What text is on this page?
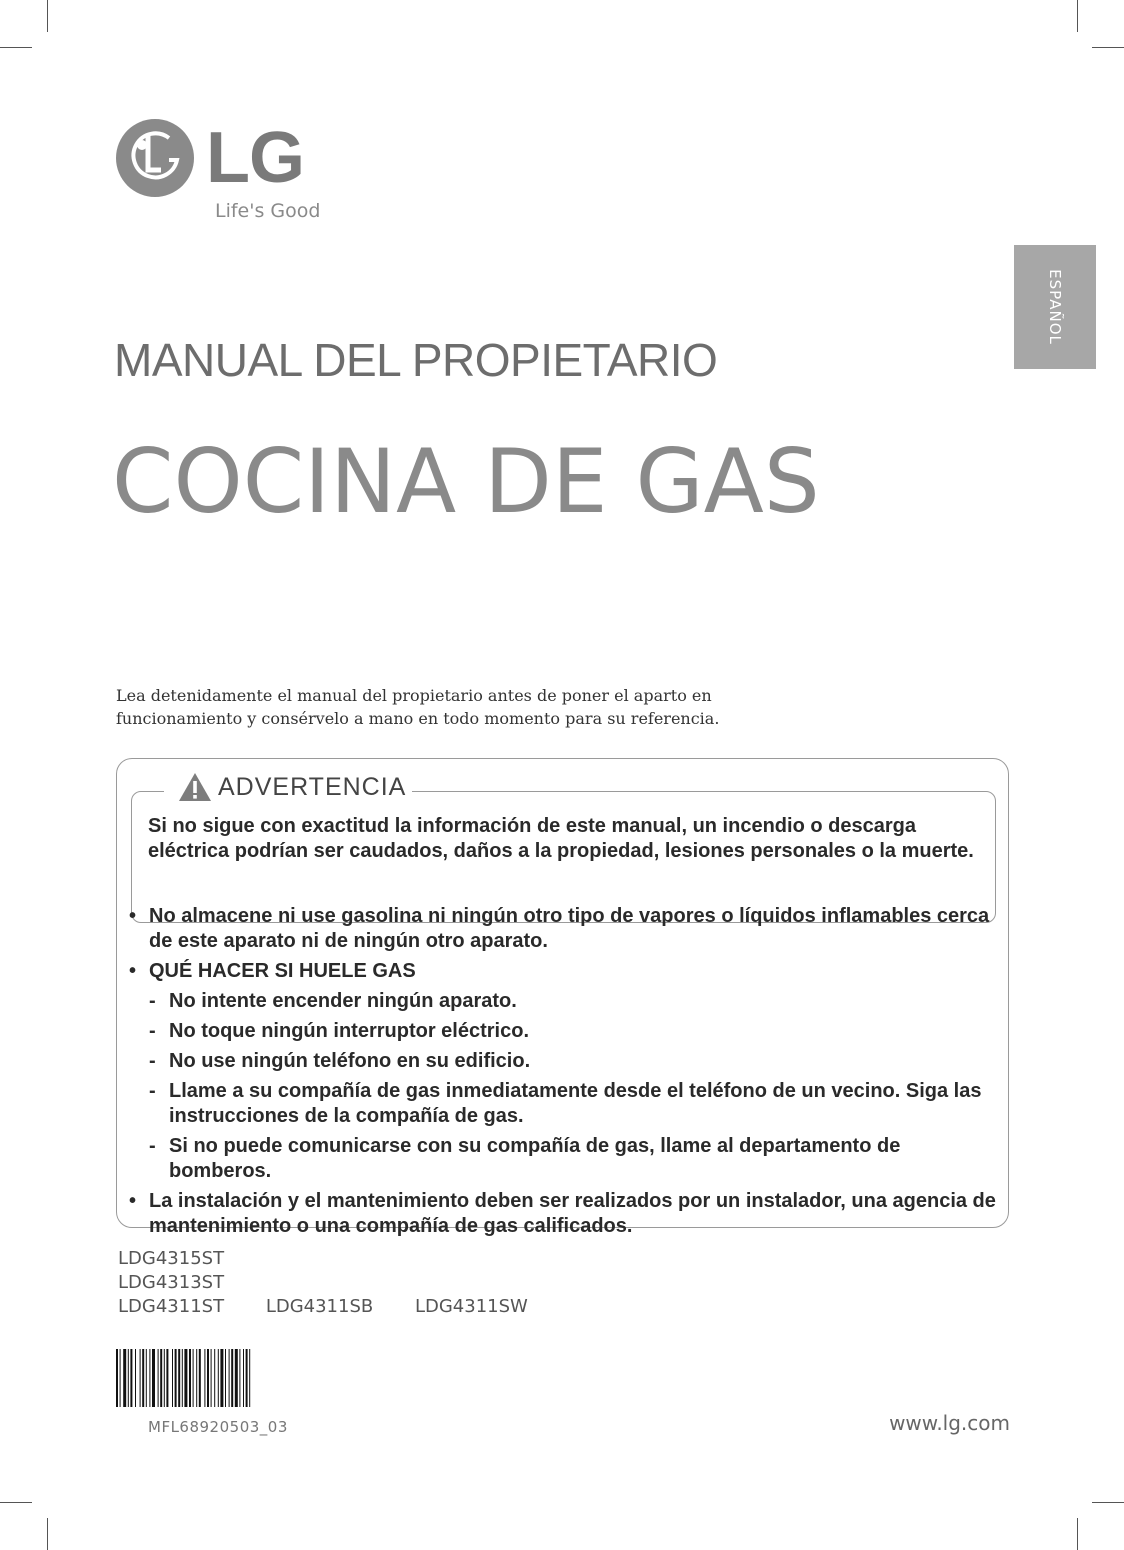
LG
Life's Good
ESPAÑOL
MANUAL DEL PROPIETARIO
COCINA DE GAS
Lea detenidamente el manual del propietario antes de poner el aparto en
funcionamiento y consérvelo a mano en todo momento para su referencia.
ADVERTENCIA
Si no sigue con exactitud la información de este manual, un incendio o descarga eléctrica podrían ser caudados, daños a la propiedad, lesiones personales o la muerte.
• No almacene ni use gasolina ni ningún otro tipo de vapores o líquidos inflamables cerca de este aparato ni de ningún otro aparato.
• QUÉ HACER SI HUELE GAS
- No intente encender ningún aparato.
- No toque ningún interruptor eléctrico.
- No use ningún teléfono en su edificio.
- Llame a su compañía de gas inmediatamente desde el teléfono de un vecino. Siga las instrucciones de la compañía de gas.
- Si no puede comunicarse con su compañía de gas, llame al departamento de bomberos.
• La instalación y el mantenimiento deben ser realizados por un instalador, una agencia de mantenimiento o una compañía de gas calificados.
LDG4315ST
LDG4313ST
LDG4311ST LDG4311SB LDG4311SW
MFL68920503_03	www.lg.com
